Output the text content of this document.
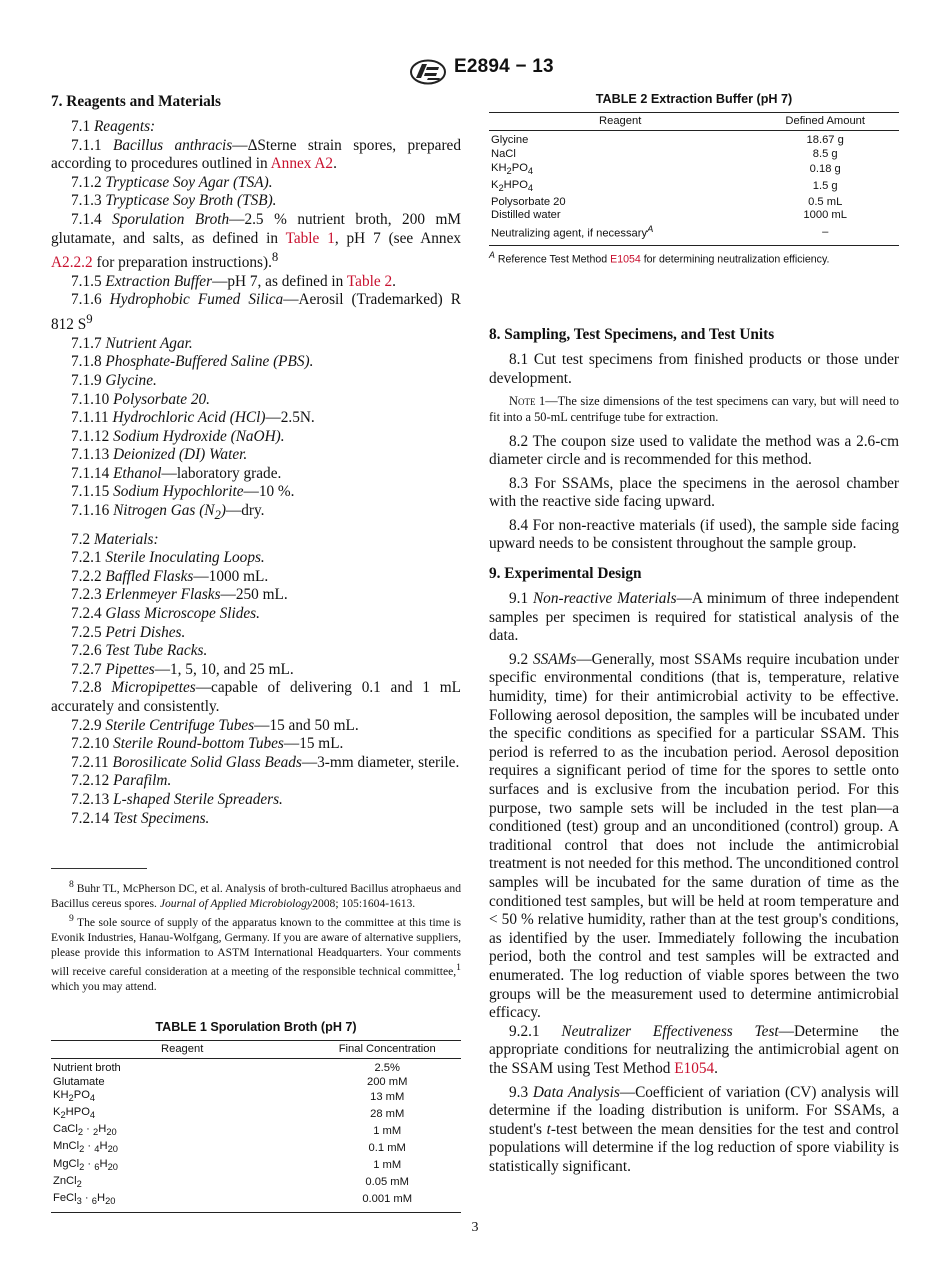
E2894 − 13
7. Reagents and Materials

7.1 Reagents:

7.1.1 Bacillus anthracis—ΔSterne strain spores, prepared according to procedures outlined in Annex A2.

7.1.2 Trypticase Soy Agar (TSA).

7.1.3 Trypticase Soy Broth (TSB).

7.1.4 Sporulation Broth—2.5 % nutrient broth, 200 mM glutamate, and salts, as defined in Table 1, pH 7 (see Annex A2.2.2 for preparation instructions).$^8$

7.1.5 Extraction Buffer—pH 7, as defined in Table 2.

7.1.6 Hydrophobic Fumed Silica—Aerosil (Trademarked) R 812 $S^9$

7.1.7 Nutrient Agar.

7.1.8 Phosphate-Buffered Saline (PBS).

7.1.9 Glycine.

7.1.10 Polysorbate 20.

7.1.11 Hydrochloric Acid (HCl)—2.5N.

7.1.12 Sodium Hydroxide (NaOH).

7.1.13 Deionized (DI) Water.

7.1.14 Ethanol—laboratory grade.

7.1.15 Sodium Hypochlorite—10 %.

7.1.16 Nitrogen Gas $(N_2)—dry$.

7.2 Materials:

7.2.1 Sterile Inoculating Loops.

7.2.2 Baffled Flasks—1000 mL.

7.2.3 Erlenmeyer Flasks—250 mL.

7.2.4 Glass Microscope Slides.

7.2.5 Petri Dishes.

7.2.6 Test Tube Racks.

7.2.7 Pipettes—1, 5, 10, and 25 mL.

7.2.8 Micropipettes—capable of delivering 0.1 and 1 mL accurately and consistently.

7.2.9 Sterile Centrifuge Tubes—15 and 50 mL.

7.2.10 Sterile Round-bottom Tubes—15 mL.

7.2.11 Borosilicate Solid Glass Beads—3-mm diameter, sterile.

7.2.12 Parafilm.

7.2.13 L-shaped Sterile Spreaders.

7.2.14 Test Specimens.

$^8$ Buhr TL, McPherson DC, et al. Analysis of broth-cultured Bacillus atrophaeus and Bacillus cereus spores. Journal of Applied Microbiology2008; 105:1604-1613.

$^9$ The sole source of supply of the apparatus known to the committee at this time is Evonik Industries, Hanau-Wolfgang, Germany. If you are aware of alternative suppliers, please provide this information to ASTM International Headquarters. Your comments will receive careful consideration at a meeting of the responsible technical committee,$^1$ which you may attend.

TABLE 1 Sporulation Broth (pH 7)
Reagent	Final Concentration
Nutrient broth	2.5%
Glutamate	200 mM
$KH_2PO_4$	13 mM
$K_2HPO_4$	28 mM
CaCl$_2$ · $_2H_{20}$	1 mM
MnCl$_2$ · $_4H_{20}$	0.1 mM
MgCl$_2$ · $_6H_{20}$	1 mM
ZnCl$_2$	0.05 mM
FeCl$_3$ · $_6H_{20}$	0.001 mM
TABLE 2 Extraction Buffer (pH 7)
Reagent	Defined Amount
Glycine	18.67 g
NaCl	8.5 g
$KH_2PO_4$	0.18 g
$K_2HPO_4$	1.5 g
Polysorbate 20	0.5 mL
Distilled water	1000 mL
Neutralizing agent, if necessary$^A$	–
$^A$ Reference Test Method E1054 for determining neutralization efficiency.
8. Sampling, Test Specimens, and Test Units

8.1 Cut test specimens from finished products or those under development.

Note 1—The size dimensions of the test specimens can vary, but will need to fit into a 50-mL centrifuge tube for extraction.

8.2 The coupon size used to validate the method was a 2.6-cm diameter circle and is recommended for this method.

8.3 For SSAMs, place the specimens in the aerosol chamber with the reactive side facing upward.

8.4 For non-reactive materials (if used), the sample side facing upward needs to be consistent throughout the sample group.

9. Experimental Design

9.1 Non-reactive Materials—A minimum of three independent samples per specimen is required for statistical analysis of the data.

9.2 SSAMs—Generally, most SSAMs require incubation under specific environmental conditions (that is, temperature, relative humidity, time) for their antimicrobial activity to be effective. Following aerosol deposition, the samples will be incubated under the specific conditions as specified for a particular SSAM. This period is referred to as the incubation period. Aerosol deposition requires a significant period of time for the spores to settle onto surfaces and is exclusive from the incubation period. For this purpose, two sample sets will be included in the test plan—a conditioned (test) group and an unconditioned (control) group. A traditional control that does not include the antimicrobial treatment is not needed for this method. The unconditioned control samples will be incubated for the same duration of time as the conditioned test samples, but will be held at room temperature and < 50 % relative humidity, rather than at the test group's conditions, as identified by the user. Immediately following the incubation period, both the control and test samples will be extracted and enumerated. The log reduction of viable spores between the two groups will be the measurement used to determine antimicrobial efficacy.

9.2.1 Neutralizer Effectiveness Test—Determine the appropriate conditions for neutralizing the antimicrobial agent on the SSAM using Test Method E1054.

9.3 Data Analysis—Coefficient of variation (CV) analysis will determine if the loading distribution is uniform. For SSAMs, a student's t-test between the mean densities for the test and control populations will determine if the log reduction of spore viability is statistically significant.

3
